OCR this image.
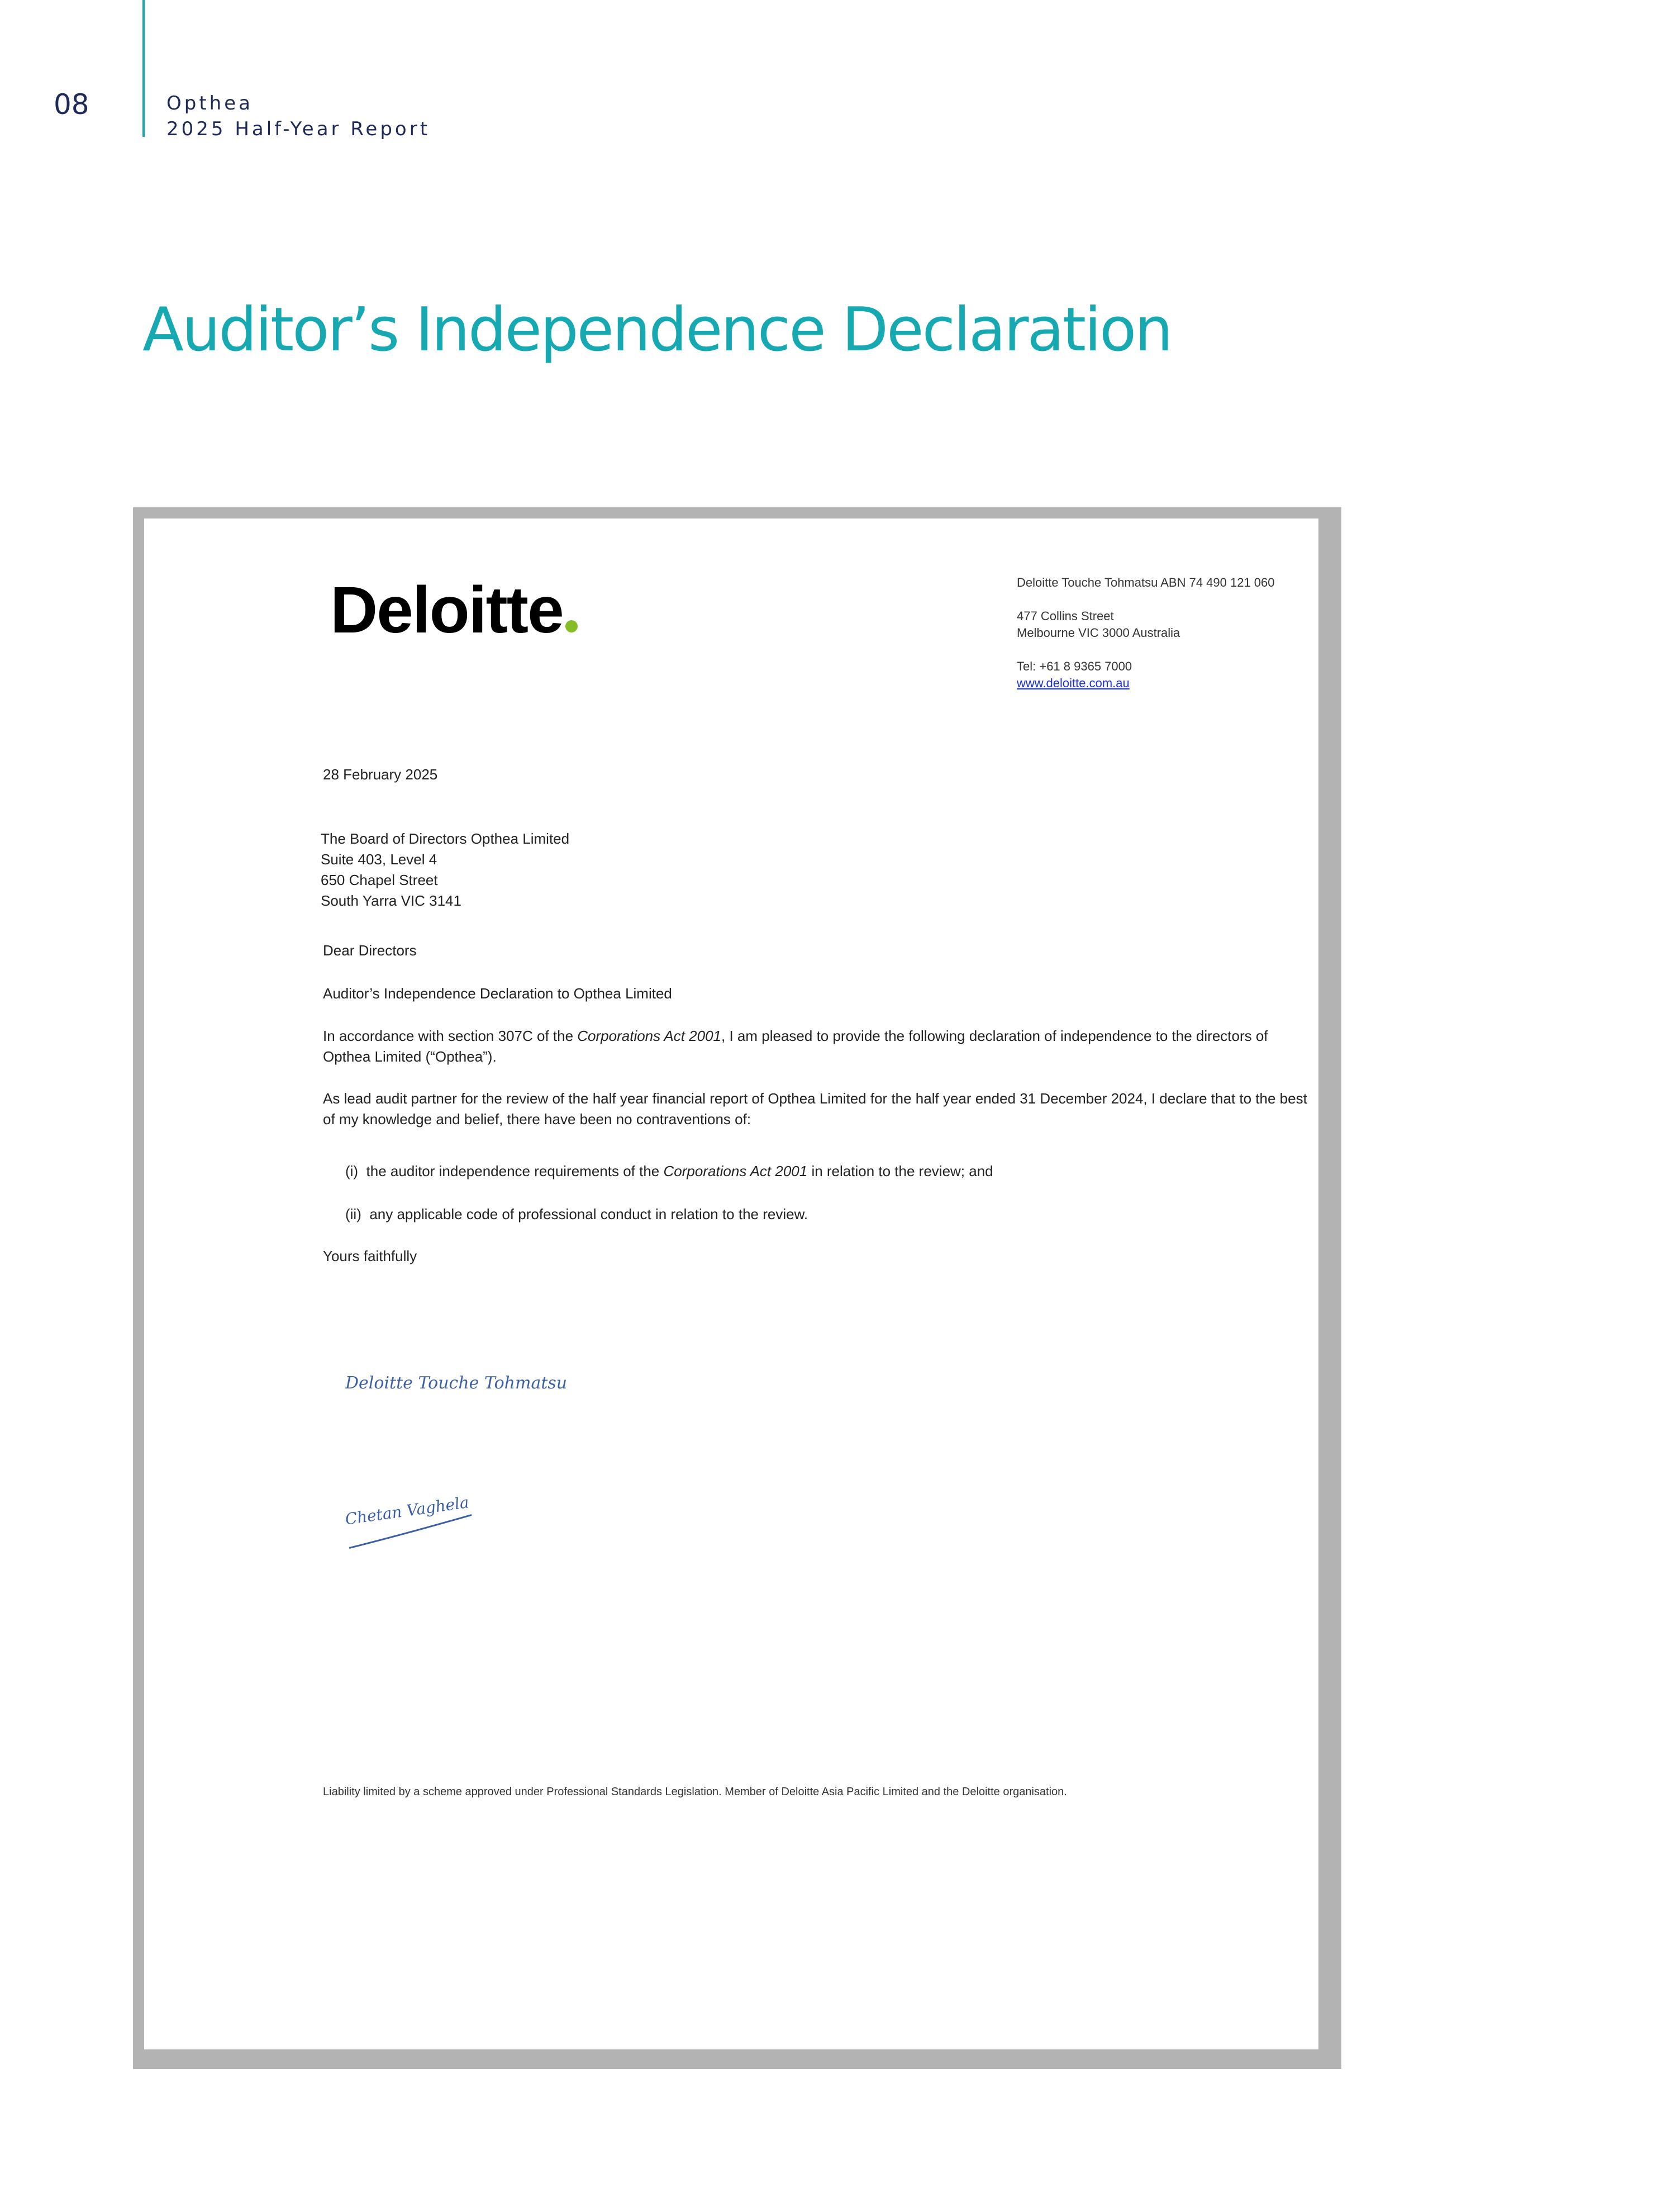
08	Opthea
2025 Half-Year Report
Auditor’s Independence Declaration
Deloitte	Deloitte Touche Tohmatsu ABN 74 490 121 060
477 Collins Street
Melbourne VIC 3000 Australia
Tel: +61 8 9365 7000
www.deloitte.com.au
28 February 2025
The Board of Directors Opthea Limited
Suite 403, Level 4
650 Chapel Street
South Yarra VIC 3141
Dear Directors
Auditor’s Independence Declaration to Opthea Limited
In accordance with section 307C of the Corporations Act 2001, I am pleased to provide the following declaration of independence to the directors of Opthea Limited (“Opthea”).
As lead audit partner for the review of the half year financial report of Opthea Limited for the half year ended 31 December 2024, I declare that to the best of my knowledge and belief, there have been no contraventions of:
(i) the auditor independence requirements of the Corporations Act 2001 in relation to the review; and
(ii) any applicable code of professional conduct in relation to the review.
Yours faithfully
Deloitte Touche Tohmatsu
Chetan Vaghela
Liability limited by a scheme approved under Professional Standards Legislation. Member of Deloitte Asia Pacific Limited and the Deloitte organisation.
